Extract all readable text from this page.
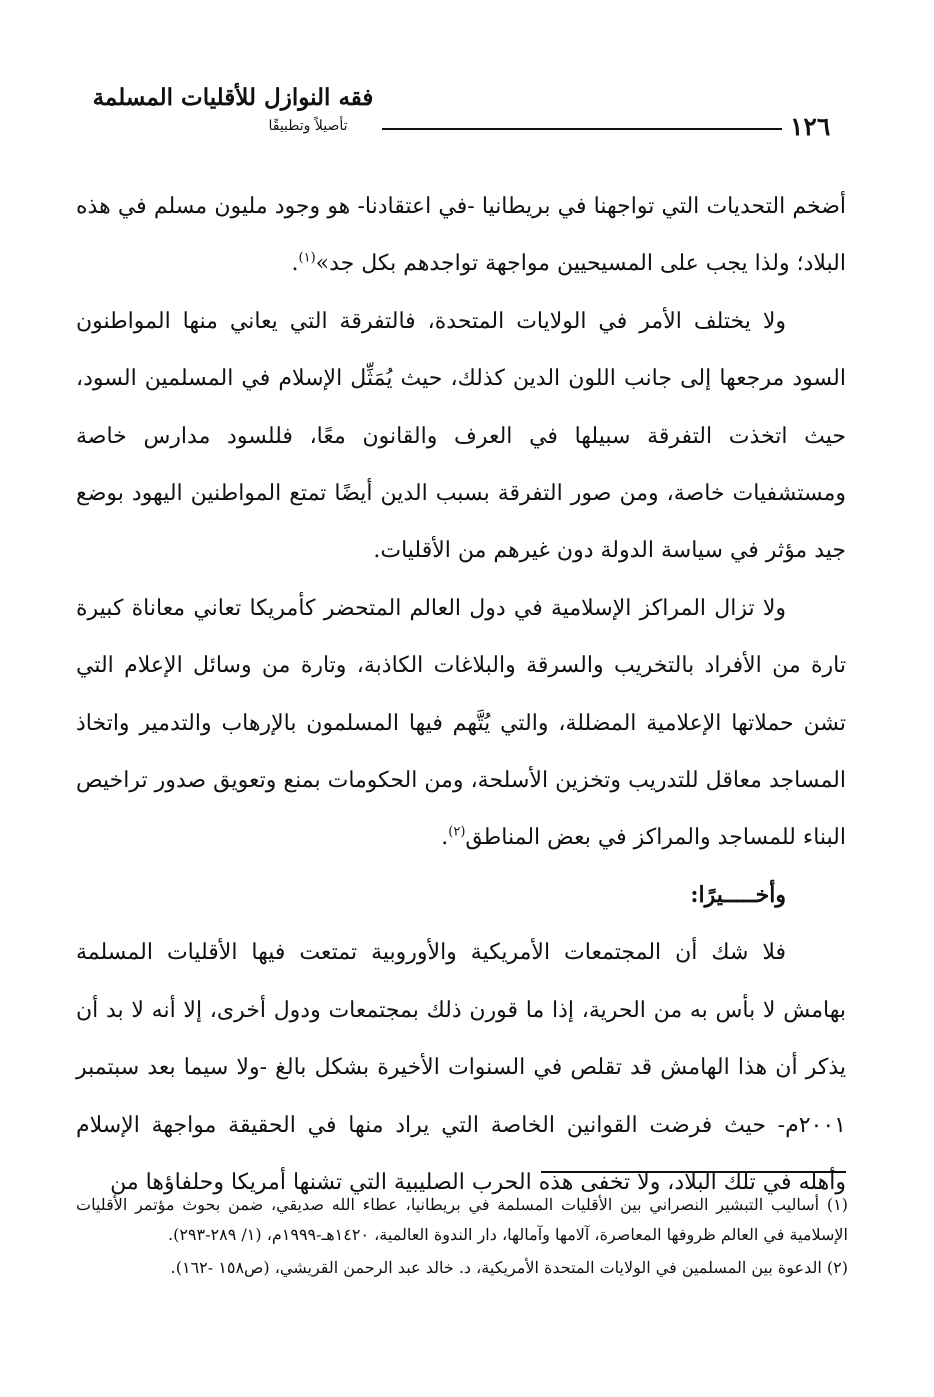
١٢٦
فقه النوازل للأقليات المسلمة
تأصيلاً وتطبيقًا

أضخم التحديات التي تواجهنا في بريطانيا -في اعتقادنا- هو وجود مليون مسلم في هذه البلاد؛ ولذا يجب على المسيحيين مواجهة تواجدهم بكل جد»$^{(١)}$.

ولا يختلف الأمر في الولايات المتحدة، فالتفرقة التي يعاني منها المواطنون السود مرجعها إلى جانب اللون الدين كذلك، حيث يُمَثِّل الإسلام في المسلمين السود، حيث اتخذت التفرقة سبيلها في العرف والقانون معًا، فللسود مدارس خاصة ومستشفيات خاصة، ومن صور التفرقة بسبب الدين أيضًا تمتع المواطنين اليهود بوضع جيد مؤثر في سياسة الدولة دون غيرهم من الأقليات.

ولا تزال المراكز الإسلامية في دول العالم المتحضر كأمريكا تعاني معاناة كبيرة تارة من الأفراد بالتخريب والسرقة والبلاغات الكاذبة، وتارة من وسائل الإعلام التي تشن حملاتها الإعلامية المضللة، والتي يُتَّهم فيها المسلمون بالإرهاب والتدمير واتخاذ المساجد معاقل للتدريب وتخزين الأسلحة، ومن الحكومات بمنع وتعويق صدور تراخيص البناء للمساجد والمراكز في بعض المناطق$^{(٢)}$.

وأخـــــيرًا:

فلا شك أن المجتمعات الأمريكية والأوروبية تمتعت فيها الأقليات المسلمة بهامش لا بأس به من الحرية، إذا ما قورن ذلك بمجتمعات ودول أخرى، إلا أنه لا بد أن يذكر أن هذا الهامش قد تقلص في السنوات الأخيرة بشكل بالغ -ولا سيما بعد سبتمبر ٢٠٠١م- حيث فرضت القوانين الخاصة التي يراد منها في الحقيقة مواجهة الإسلام وأهله في تلك البلاد، ولا تخفى هذه الحرب الصليبية التي تشنها أمريكا وحلفاؤها من

(١) أساليب التبشير النصراني بين الأقليات المسلمة في بريطانيا، عطاء الله صديقي، ضمن بحوث مؤتمر الأقليات الإسلامية في العالم ظروفها المعاصرة، آلامها وآمالها، دار الندوة العالمية، ١٤٢٠هـ-١٩٩٩م، (١/ ٢٨٩-٢٩٣).

(٢) الدعوة بين المسلمين في الولايات المتحدة الأمريكية، د. خالد عبد الرحمن القريشي، (ص١٥٨ -١٦٢).
